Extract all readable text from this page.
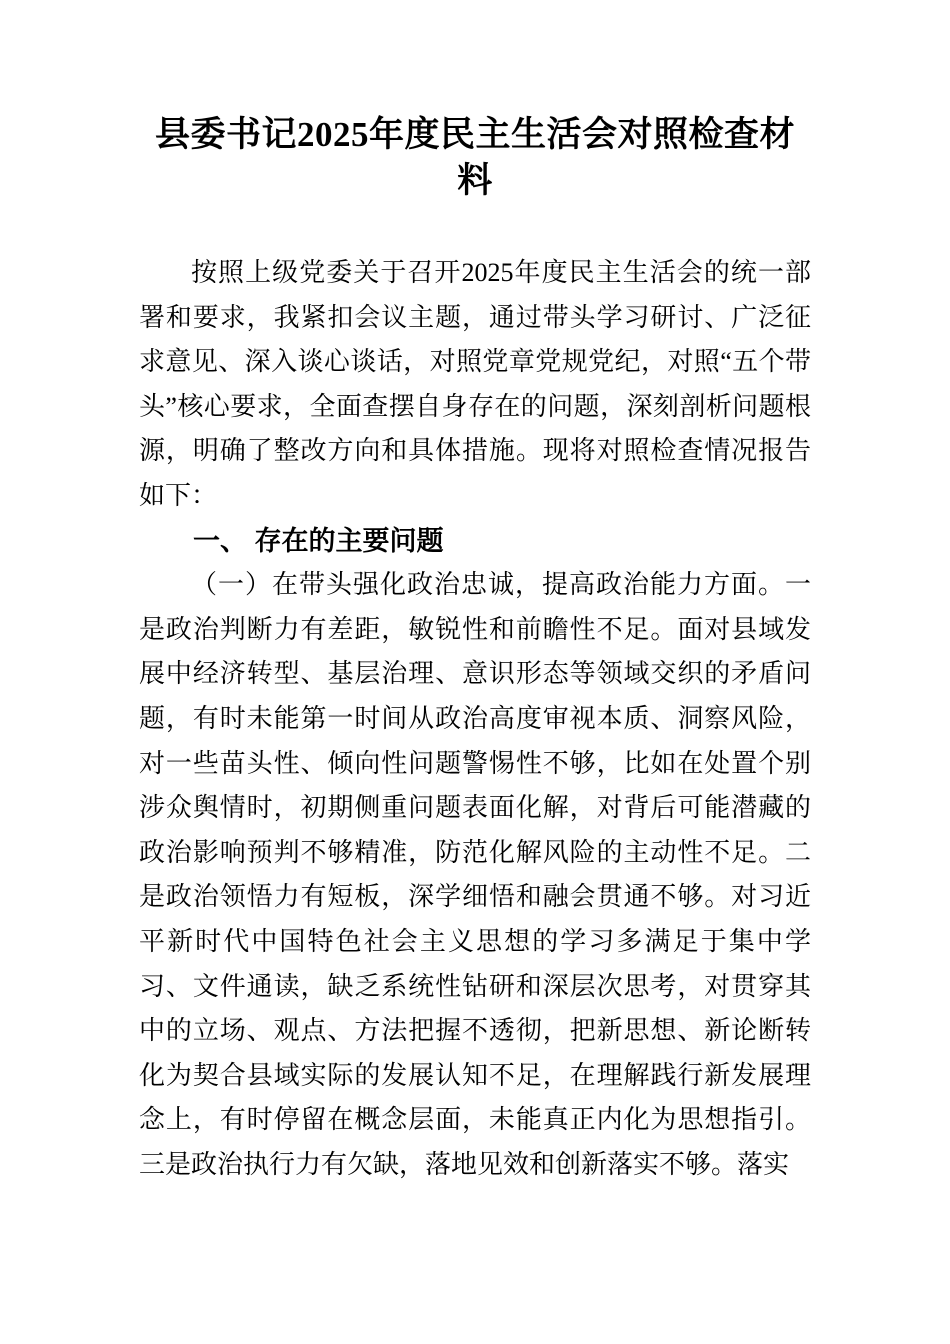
县委书记2025年度民主生活会对照检查材料

按照上级党委关于召开2025年度民主生活会的统一部署和要求，我紧扣会议主题，通过带头学习研讨、广泛征求意见、深入谈心谈话，对照党章党规党纪，对照“五个带头”核心要求，全面查摆自身存在的问题，深刻剖析问题根源，明确了整改方向和具体措施。现将对照检查情况报告如下：

一、 存在的主要问题

（一）在带头强化政治忠诚，提高政治能力方面。一是政治判断力有差距，敏锐性和前瞻性不足。面对县域发展中经济转型、基层治理、意识形态等领域交织的矛盾问题，有时未能第一时间从政治高度审视本质、洞察风险，对一些苗头性、倾向性问题警惕性不够，比如在处置个别涉众舆情时，初期侧重问题表面化解，对背后可能潜藏的政治影响预判不够精准，防范化解风险的主动性不足。二是政治领悟力有短板，深学细悟和融会贯通不够。对习近平新时代中国特色社会主义思想的学习多满足于集中学习、文件通读，缺乏系统性钻研和深层次思考，对贯穿其中的立场、观点、方法把握不透彻，把新思想、新论断转化为契合县域实际的发展认知不足，在理解践行新发展理念上，有时停留在概念层面，未能真正内化为思想指引。三是政治执行力有欠缺，落地见效和创新落实不够。落实
